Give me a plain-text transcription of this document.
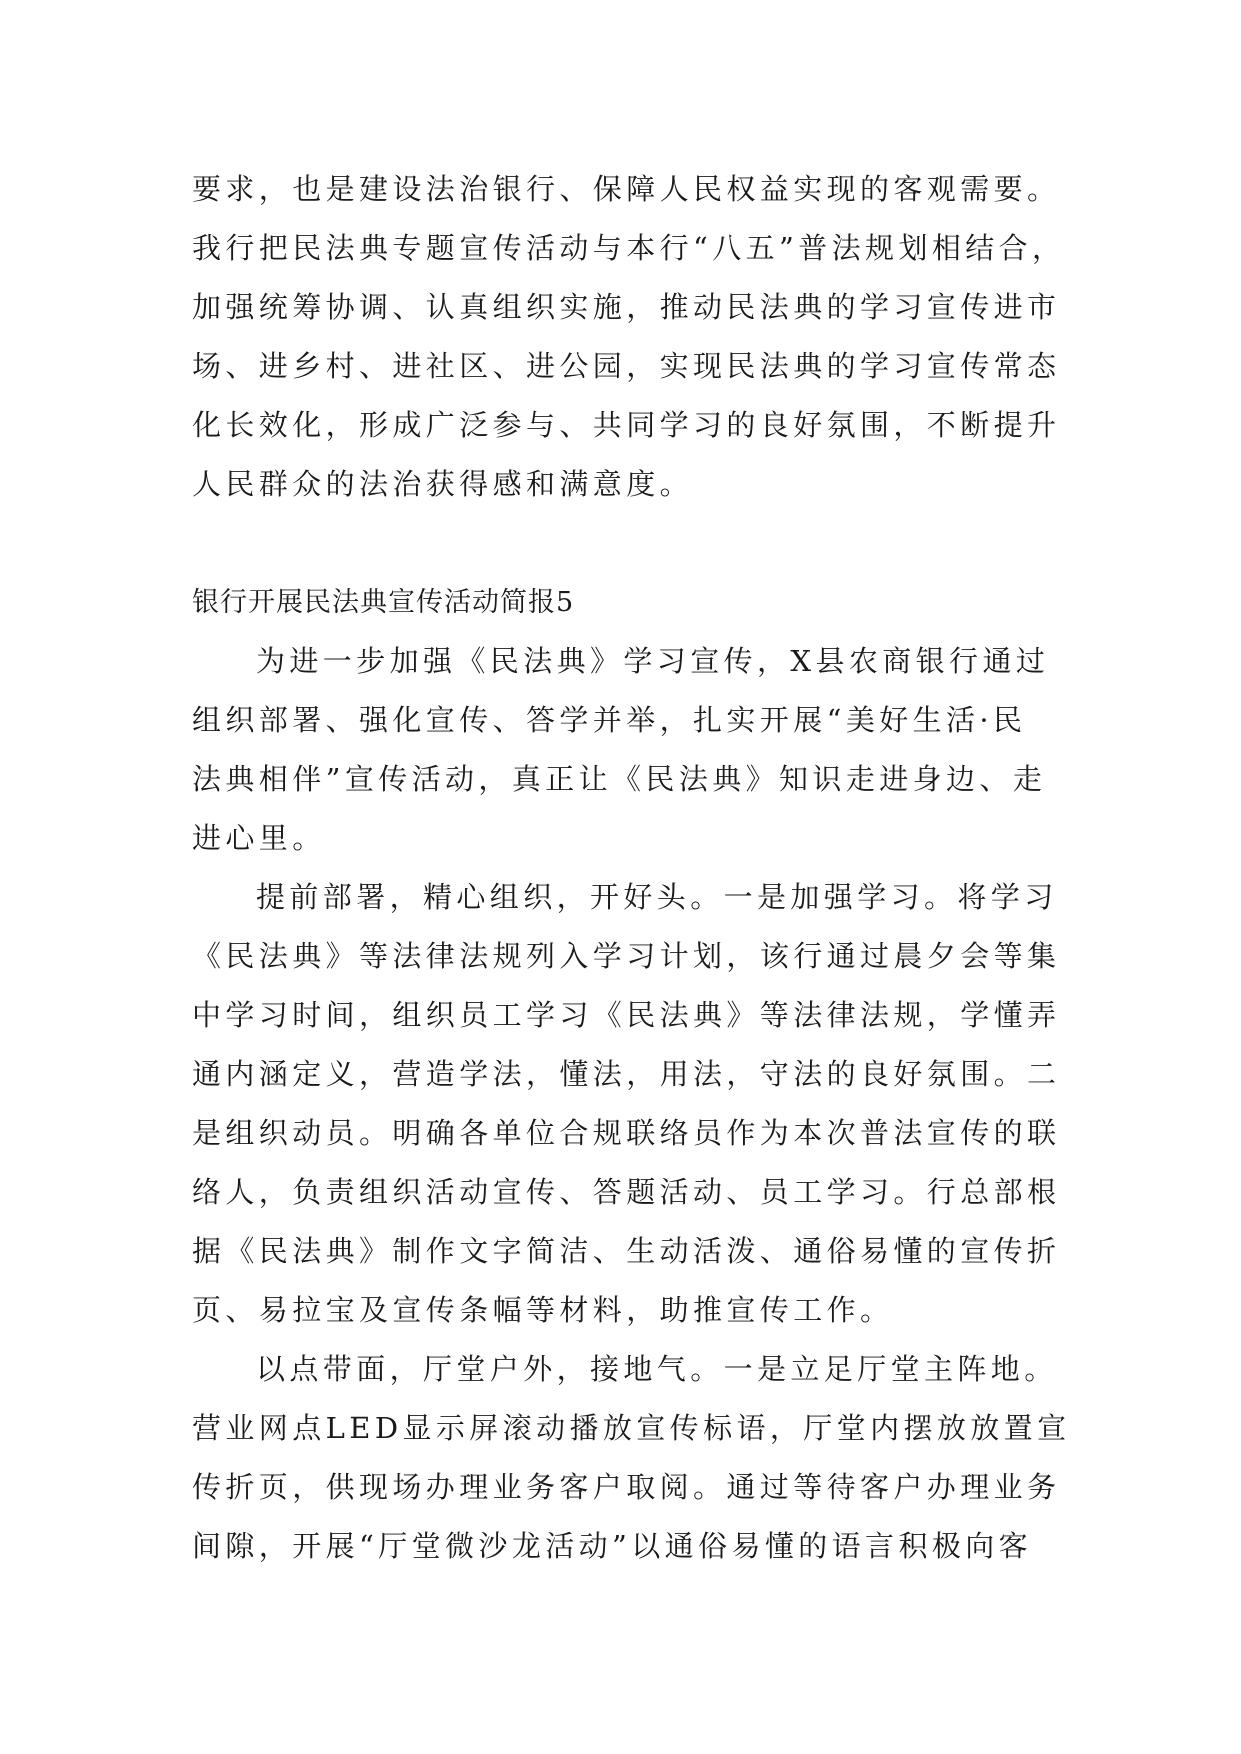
要求，也是建设法治银行、保障人民权益实现的客观需要。

我行把民法典专题宣传活动与本行“八五”普法规划相结合，

加强统筹协调、认真组织实施，推动民法典的学习宣传进市

场、进乡村、进社区、进公园，实现民法典的学习宣传常态

化长效化，形成广泛参与、共同学习的良好氛围，不断提升

人民群众的法治获得感和满意度。

银行开展民法典宣传活动简报5

为进一步加强《民法典》学习宣传，X县农商银行通过

组织部署、强化宣传、答学并举，扎实开展“美好生活·民

法典相伴”宣传活动，真正让《民法典》知识走进身边、走

进心里。

提前部署，精心组织，开好头。一是加强学习。将学习

《民法典》等法律法规列入学习计划，该行通过晨夕会等集

中学习时间，组织员工学习《民法典》等法律法规，学懂弄

通内涵定义，营造学法，懂法，用法，守法的良好氛围。二

是组织动员。明确各单位合规联络员作为本次普法宣传的联

络人，负责组织活动宣传、答题活动、员工学习。行总部根

据《民法典》制作文字简洁、生动活泼、通俗易懂的宣传折

页、易拉宝及宣传条幅等材料，助推宣传工作。

以点带面，厅堂户外，接地气。一是立足厅堂主阵地。

营业网点LED显示屏滚动播放宣传标语，厅堂内摆放放置宣

传折页，供现场办理业务客户取阅。通过等待客户办理业务

间隙，开展“厅堂微沙龙活动”以通俗易懂的语言积极向客
